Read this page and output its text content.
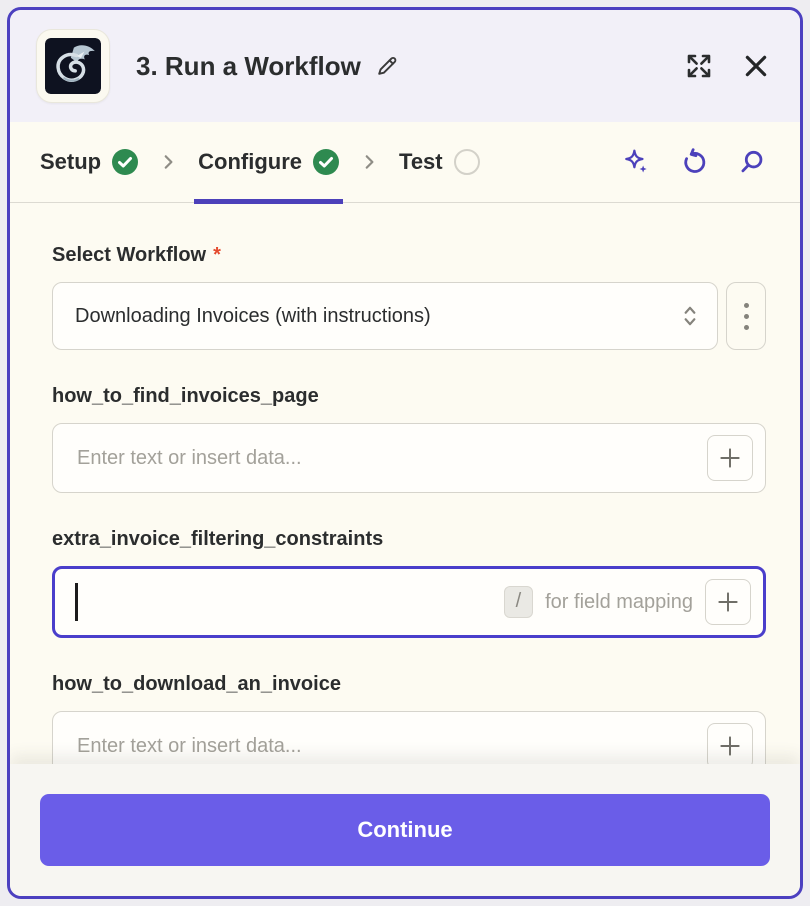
3. Run a Workflow
Setup	Configure	Test
Select Workflow *
Downloading Invoices (with instructions)
how_to_find_invoices_page
Enter text or insert data...
extra_invoice_filtering_constraints
/	for field mapping
how_to_download_an_invoice
Enter text or insert data...
Continue
